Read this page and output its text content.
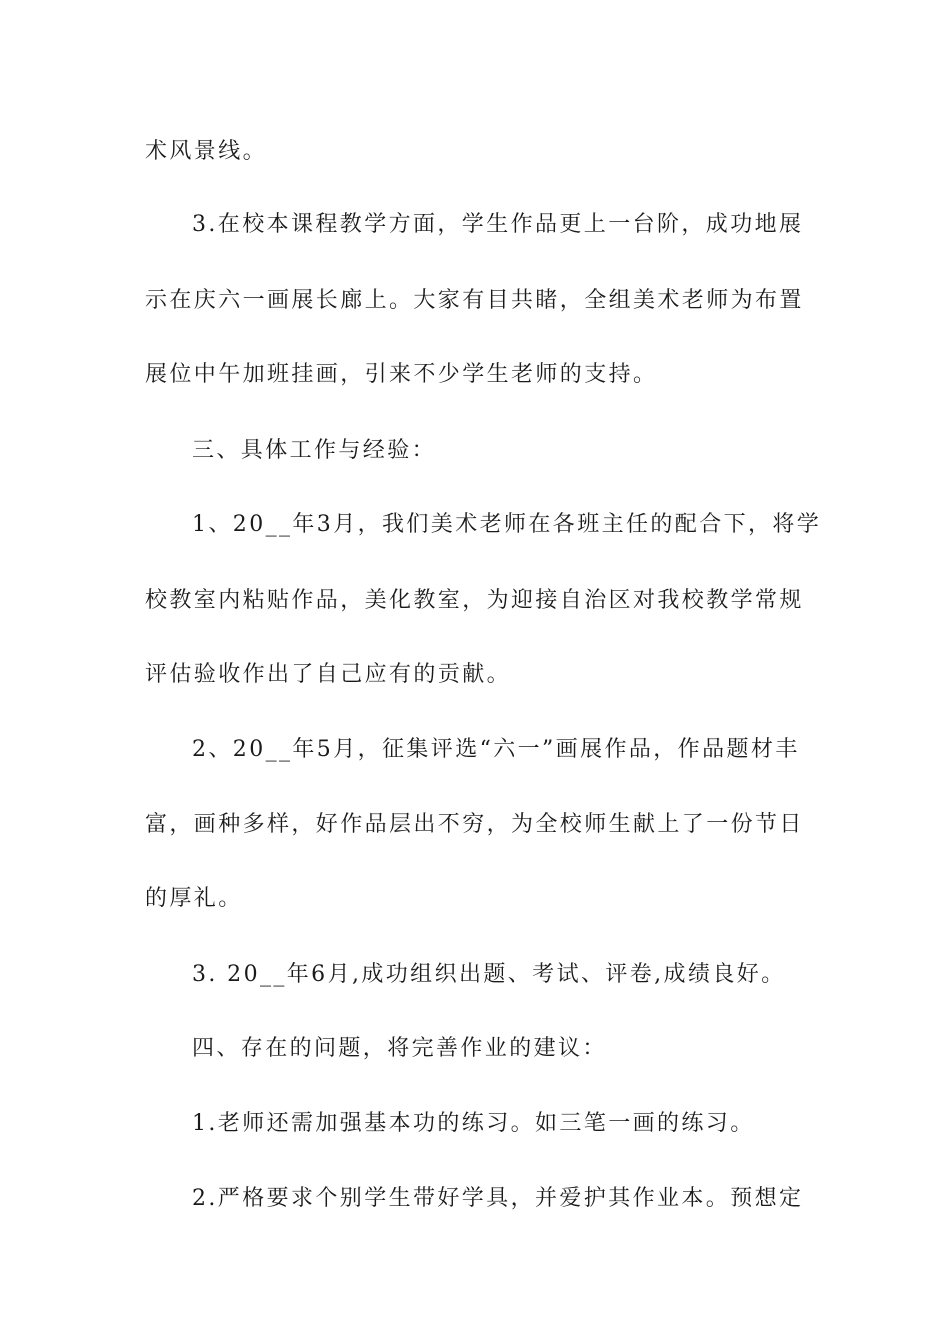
术风景线。
3.在校本课程教学方面，学生作品更上一台阶，成功地展
示在庆六一画展长廊上。大家有目共睹，全组美术老师为布置
展位中午加班挂画，引来不少学生老师的支持。
三、具体工作与经验：
1、20__年3月，我们美术老师在各班主任的配合下，将学
校教室内粘贴作品，美化教室，为迎接自治区对我校教学常规
评估验收作出了自己应有的贡献。
2、20__年5月，征集评选“六一”画展作品，作品题材丰
富，画种多样，好作品层出不穷，为全校师生献上了一份节日
的厚礼。
3. 20__年6月,成功组织出题、考试、评卷,成绩良好。
四、存在的问题，将完善作业的建议：
1.老师还需加强基本功的练习。如三笔一画的练习。
2.严格要求个别学生带好学具，并爱护其作业本。预想定
